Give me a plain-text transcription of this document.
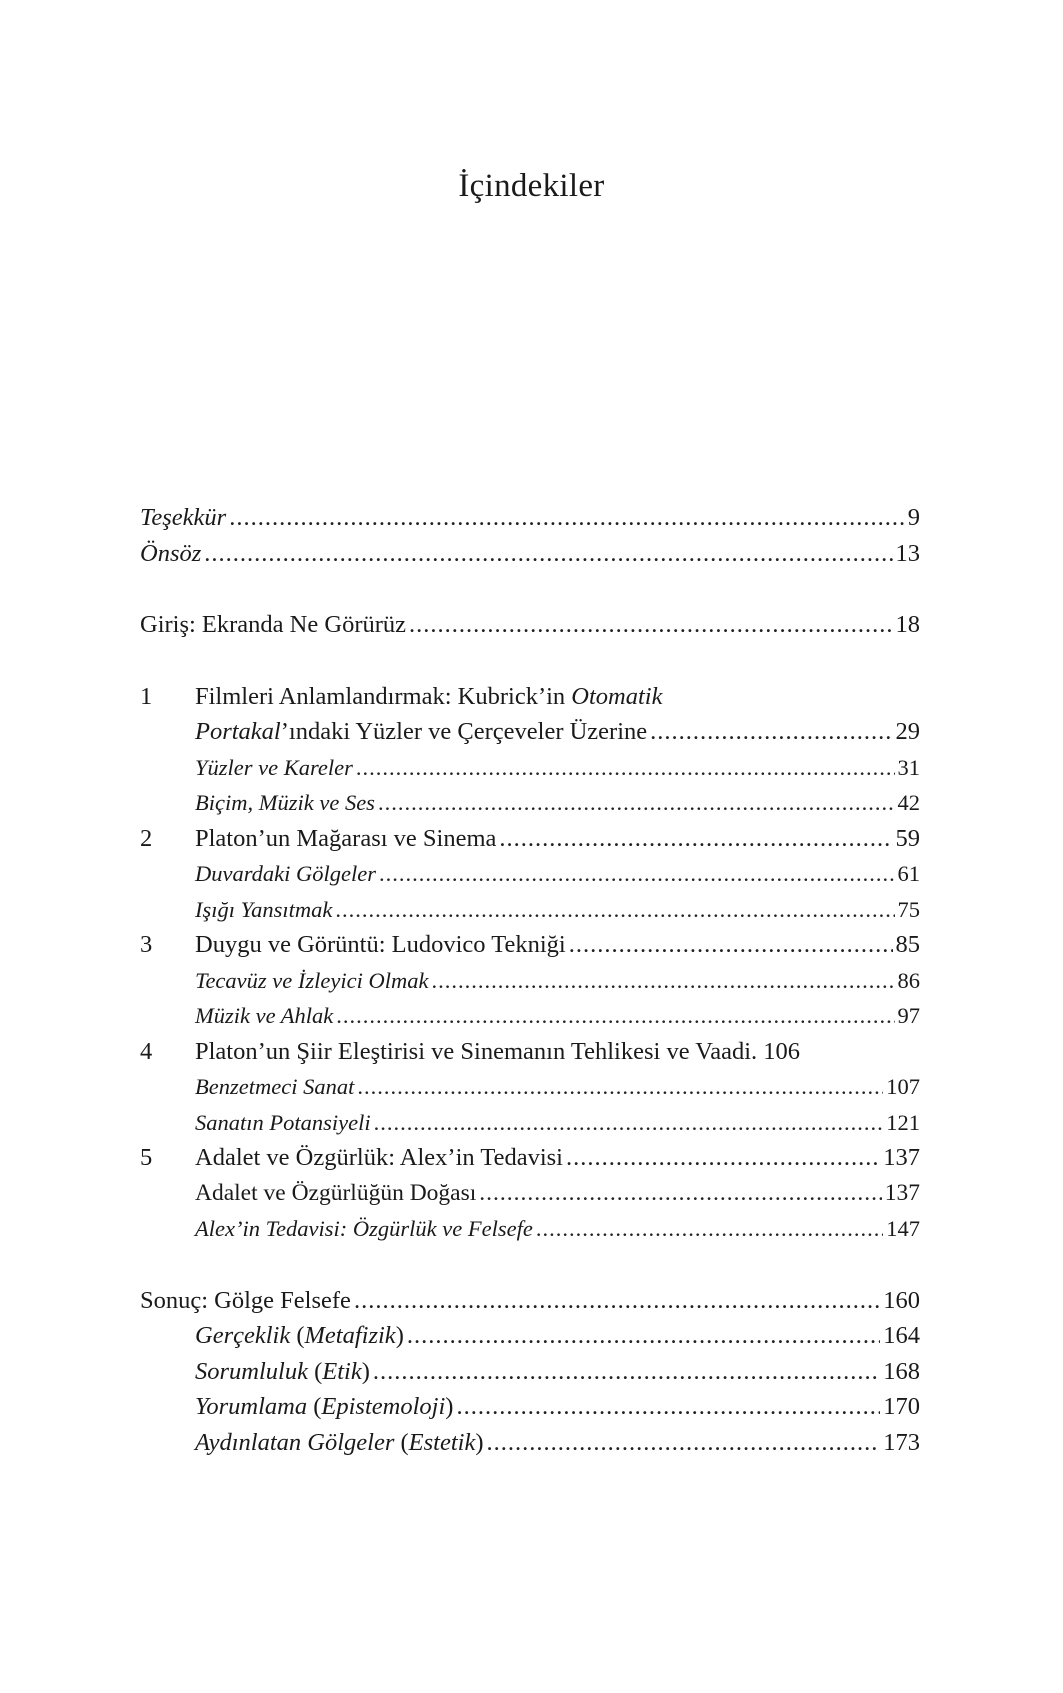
İçindekiler
Teşekkür .....	9
Önsöz .....	13
Giriş: Ekranda Ne Görürüz .....	18
1	Filmleri Anlamlandırmak: Kubrick’in Otomatik
Portakal’ındaki Yüzler ve Çerçeveler Üzerine .....	29
Yüzler ve Kareler .....	31
Biçim, Müzik ve Ses .....	42
2	Platon’un Mağarası ve Sinema .....	59
Duvardaki Gölgeler .....	61
Işığı Yansıtmak .....	75
3	Duygu ve Görüntü: Ludovico Tekniği .....	85
Tecavüz ve İzleyici Olmak .....	86
Müzik ve Ahlak .....	97
4	Platon’un Şiir Eleştirisi ve Sinemanın Tehlikesi ve Vaadi. 106
Benzetmeci Sanat .....	107
Sanatın Potansiyeli .....	121
5	Adalet ve Özgürlük: Alex’in Tedavisi .....	137
Adalet ve Özgürlüğün Doğası .....	137
Alex’in Tedavisi: Özgürlük ve Felsefe .....	147
Sonuç: Gölge Felsefe .....	160
Gerçeklik (Metafizik) .....	164
Sorumluluk (Etik) .....	168
Yorumlama (Epistemoloji) .....	170
Aydınlatan Gölgeler (Estetik) .....	173
